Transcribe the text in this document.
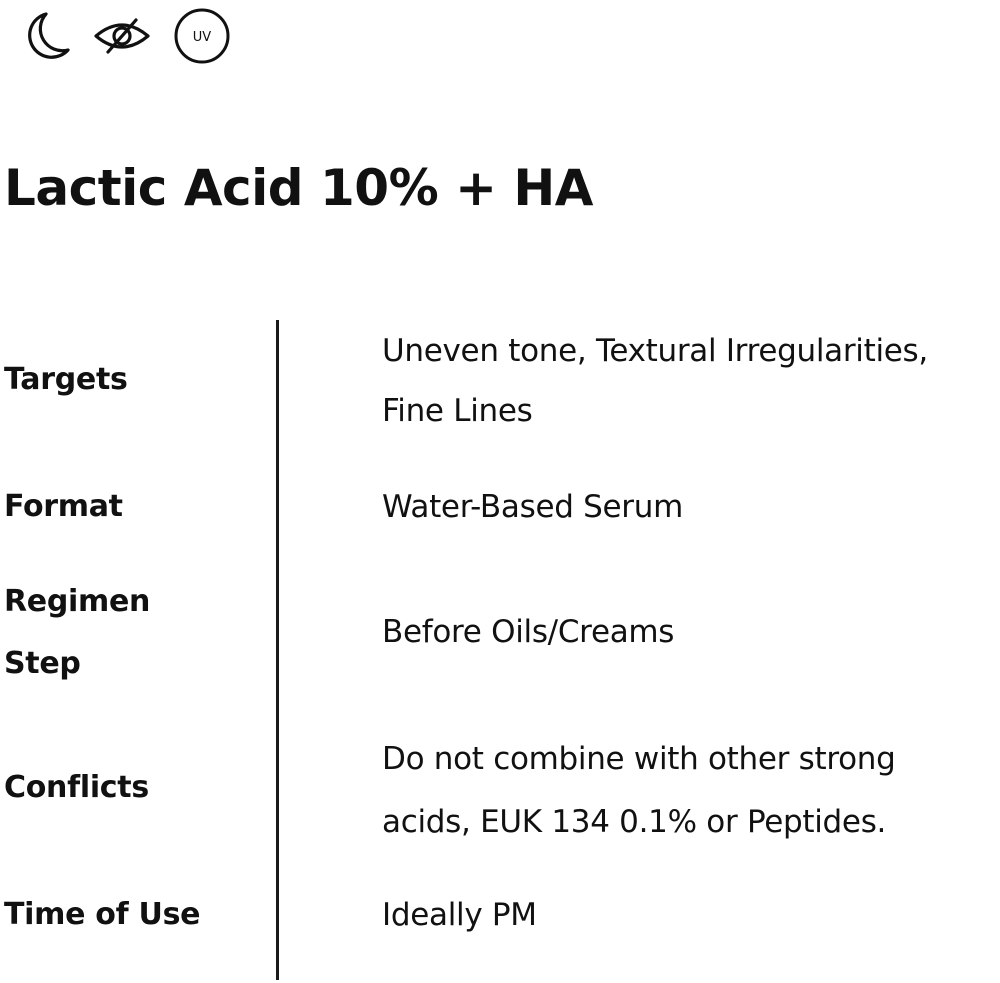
UV
Lactic Acid 10% + HA
Targets
Uneven tone, Textural Irregularities,
Fine Lines
Format	Water-Based Serum
Regimen
Step
Before Oils/Creams
Conflicts
Do not combine with other strong
acids, EUK 134 0.1% or Peptides.
Time of Use	Ideally PM
